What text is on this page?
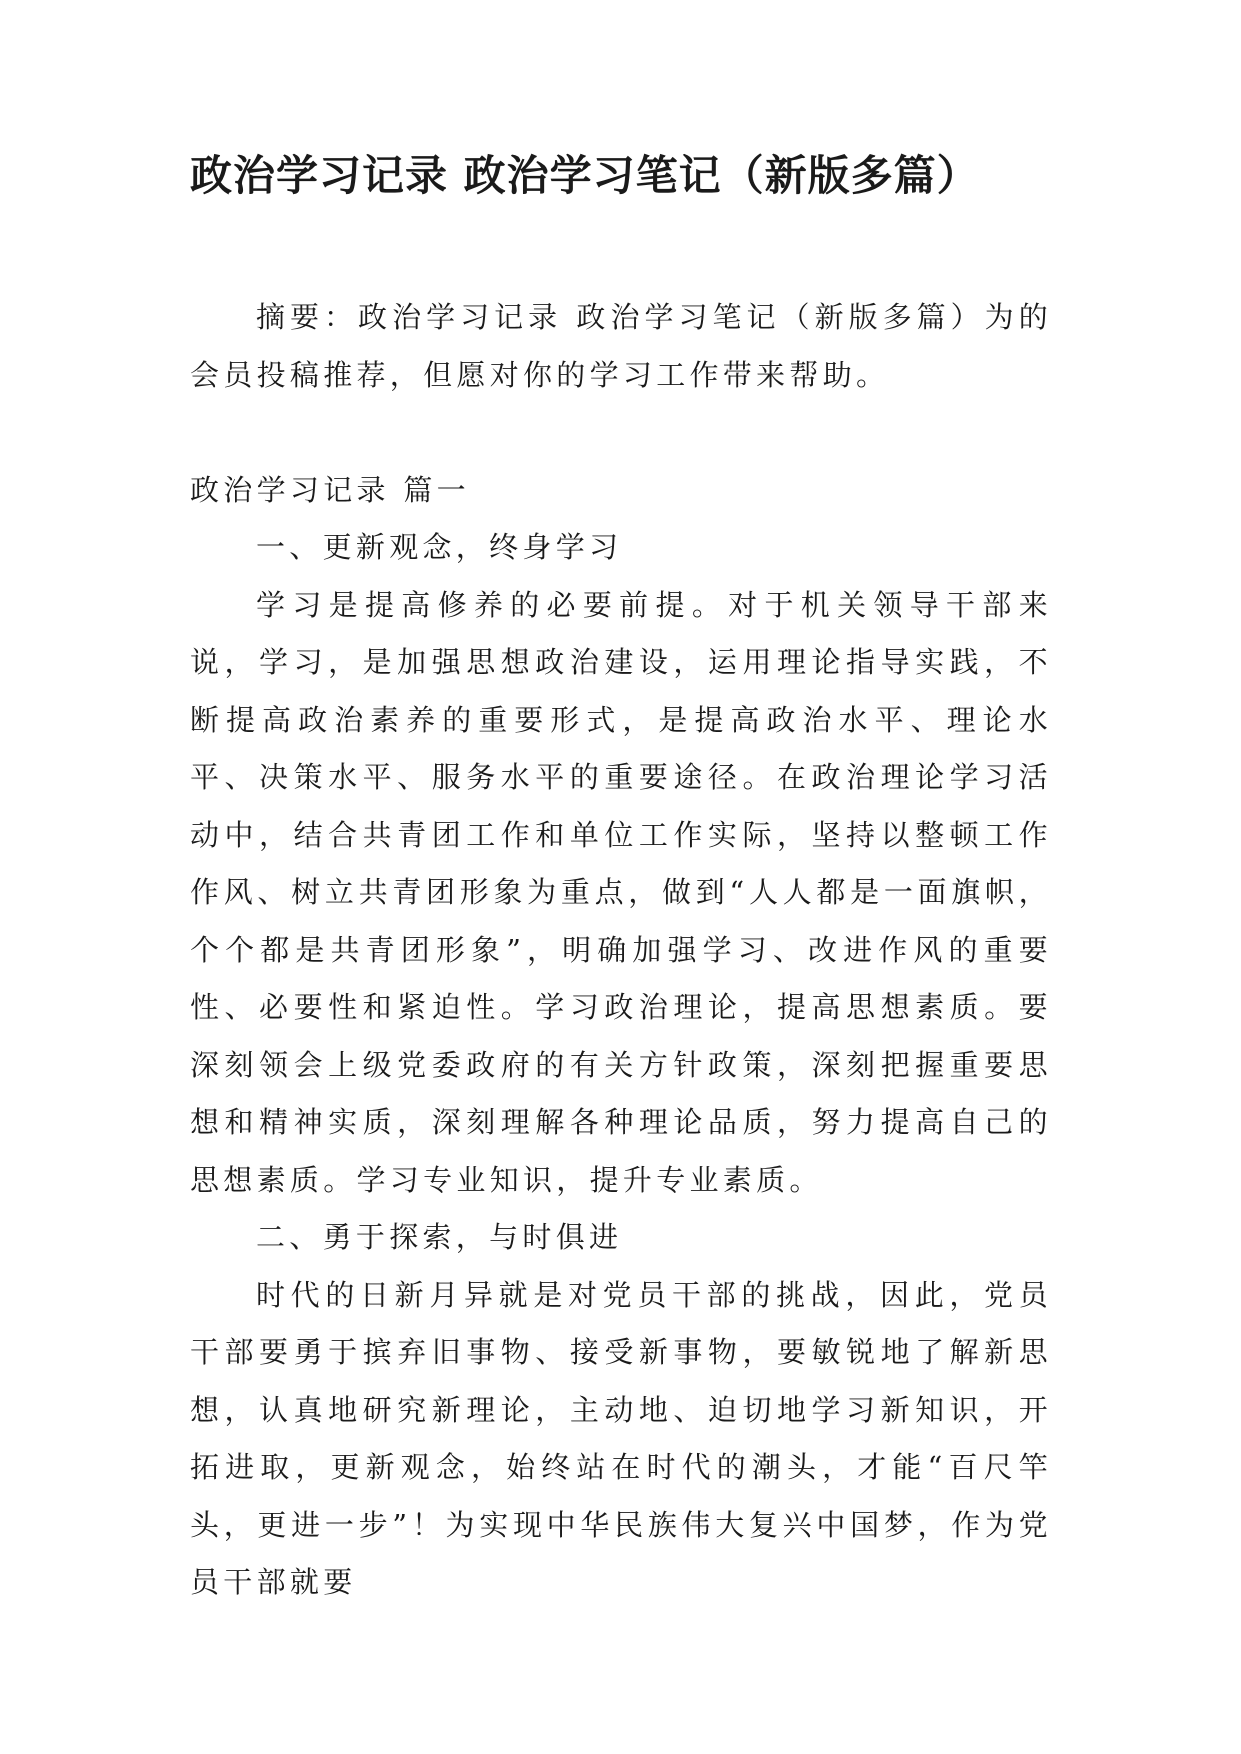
政治学习记录 政治学习笔记（新版多篇）

摘要：政治学习记录 政治学习笔记（新版多篇）为的会员投稿推荐，但愿对你的学习工作带来帮助。

政治学习记录 篇一

一、更新观念，终身学习

学习是提高修养的必要前提。对于机关领导干部来说，学习，是加强思想政治建设，运用理论指导实践，不断提高政治素养的重要形式，是提高政治水平、理论水平、决策水平、服务水平的重要途径。在政治理论学习活动中，结合共青团工作和单位工作实际，坚持以整顿工作作风、树立共青团形象为重点，做到“人人都是一面旗帜，个个都是共青团形象”，明确加强学习、改进作风的重要性、必要性和紧迫性。学习政治理论，提高思想素质。要深刻领会上级党委政府的有关方针政策，深刻把握重要思想和精神实质，深刻理解各种理论品质，努力提高自己的思想素质。学习专业知识，提升专业素质。

二、勇于探索，与时俱进

时代的日新月异就是对党员干部的挑战，因此，党员干部要勇于摈弃旧事物、接受新事物，要敏锐地了解新思想，认真地研究新理论，主动地、迫切地学习新知识，开拓进取，更新观念，始终站在时代的潮头，才能“百尺竿头，更进一步”！为实现中华民族伟大复兴中国梦，作为党员干部就要
